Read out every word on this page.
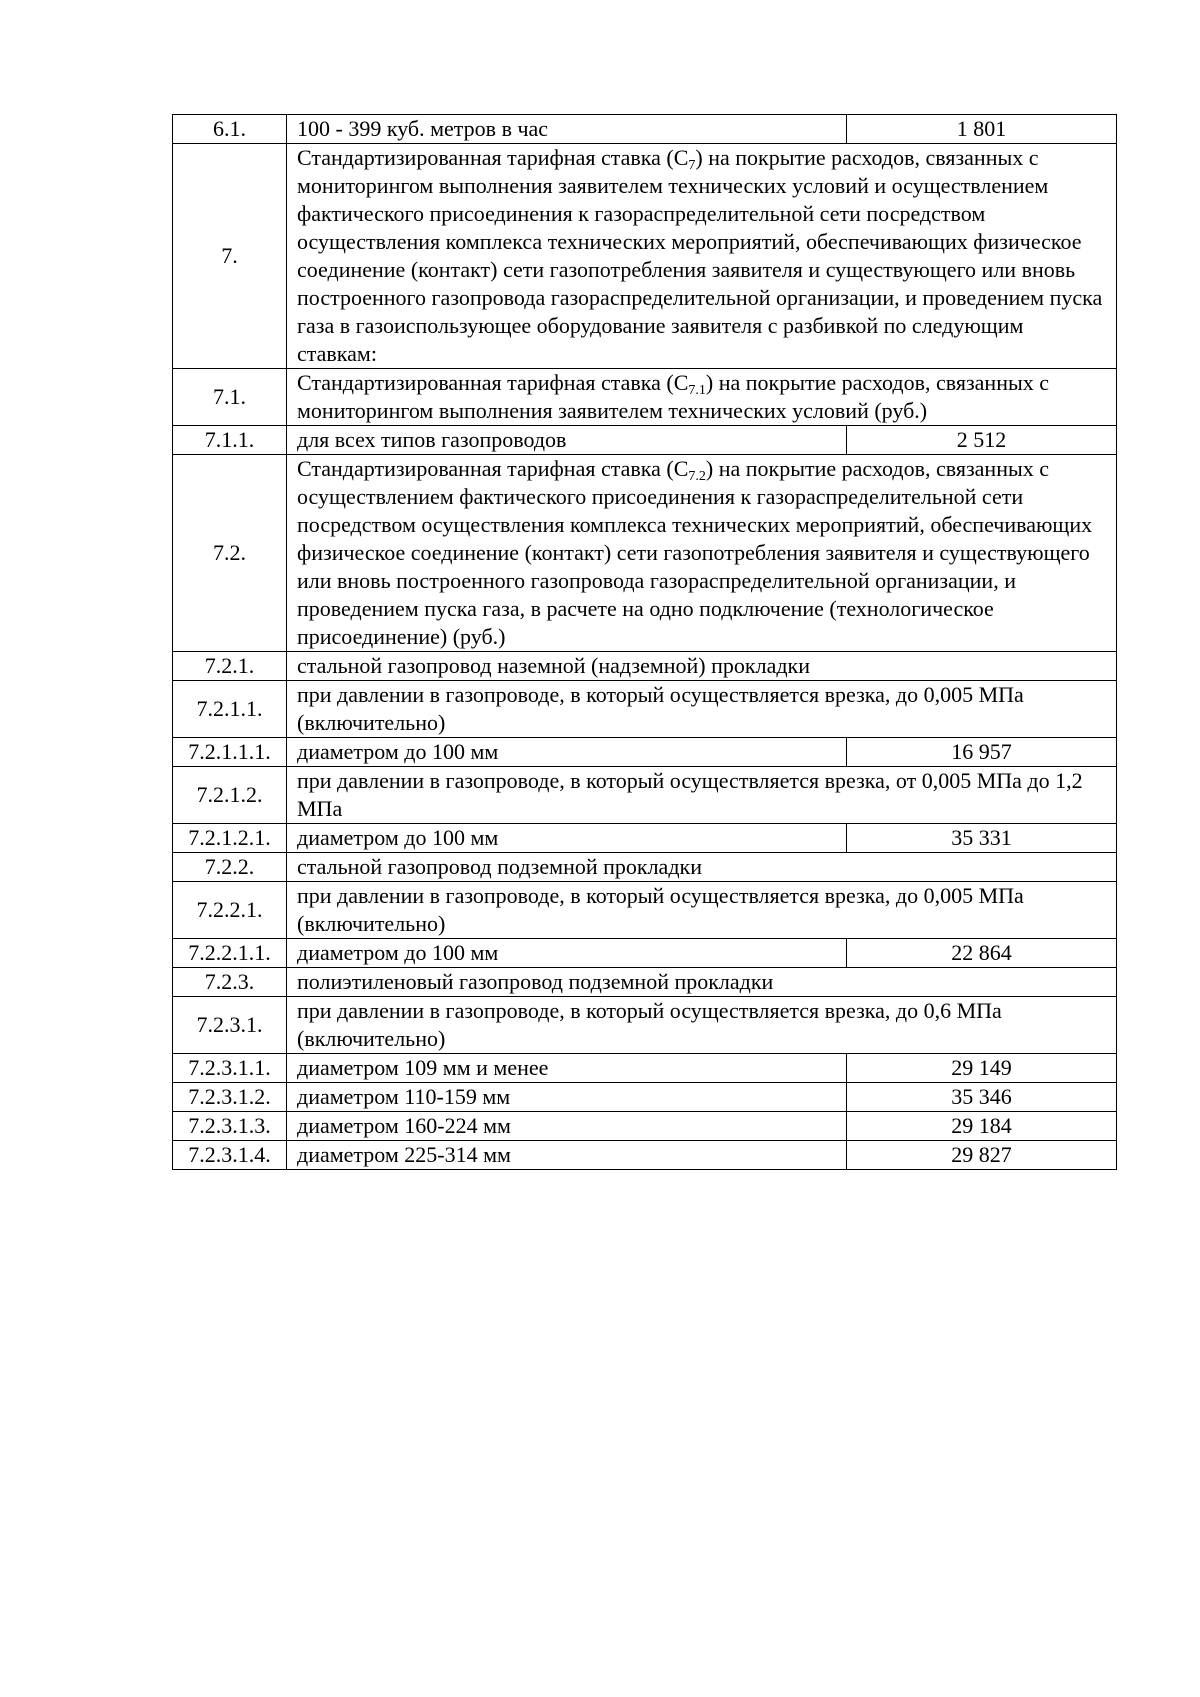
6.1.	100 - 399 куб. метров в час	1 801
7.	Стандартизированная тарифная ставка $(С_7)$ на покрытие расходов, связанных с мониторингом выполнения заявителем технических условий и осуществлением фактического присоединения к газораспределительной сети посредством осуществления комплекса технических мероприятий, обеспечивающих физическое соединение (контакт) сети газопотребления заявителя и существующего или вновь построенного газопровода газораспределительной организации, и проведением пуска газа в газоиспользующее оборудование заявителя с разбивкой по следующим ставкам:	
7.1.	Стандартизированная тарифная ставка $(С_{7.1})$ на покрытие расходов, связанных с мониторингом выполнения заявителем технических условий (руб.)	
7.1.1.	для всех типов газопроводов	2 512
7.2.	Стандартизированная тарифная ставка $(С_{7.2})$ на покрытие расходов, связанных с осуществлением фактического присоединения к газораспределительной сети посредством осуществления комплекса технических мероприятий, обеспечивающих физическое соединение (контакт) сети газопотребления заявителя и существующего или вновь построенного газопровода газораспределительной организации, и проведением пуска газа, в расчете на одно подключение (технологическое присоединение) (руб.)	
7.2.1.	стальной газопровод наземной (надземной) прокладки	
7.2.1.1.	при давлении в газопроводе, в который осуществляется врезка, до 0,005 МПа (включительно)	
7.2.1.1.1.	диаметром до 100 мм	16 957
7.2.1.2.	при давлении в газопроводе, в который осуществляется врезка, от 0,005 МПа до 1,2 МПа	
7.2.1.2.1.	диаметром до 100 мм	35 331
7.2.2.	стальной газопровод подземной прокладки	
7.2.2.1.	при давлении в газопроводе, в который осуществляется врезка, до 0,005 МПа (включительно)	
7.2.2.1.1.	диаметром до 100 мм	22 864
7.2.3.	полиэтиленовый газопровод подземной прокладки	
7.2.3.1.	при давлении в газопроводе, в который осуществляется врезка, до 0,6 МПа (включительно)	
7.2.3.1.1.	диаметром 109 мм и менее	29 149
7.2.3.1.2.	диаметром 110-159 мм	35 346
7.2.3.1.3.	диаметром 160-224 мм	29 184
7.2.3.1.4.	диаметром 225-314 мм	29 827
